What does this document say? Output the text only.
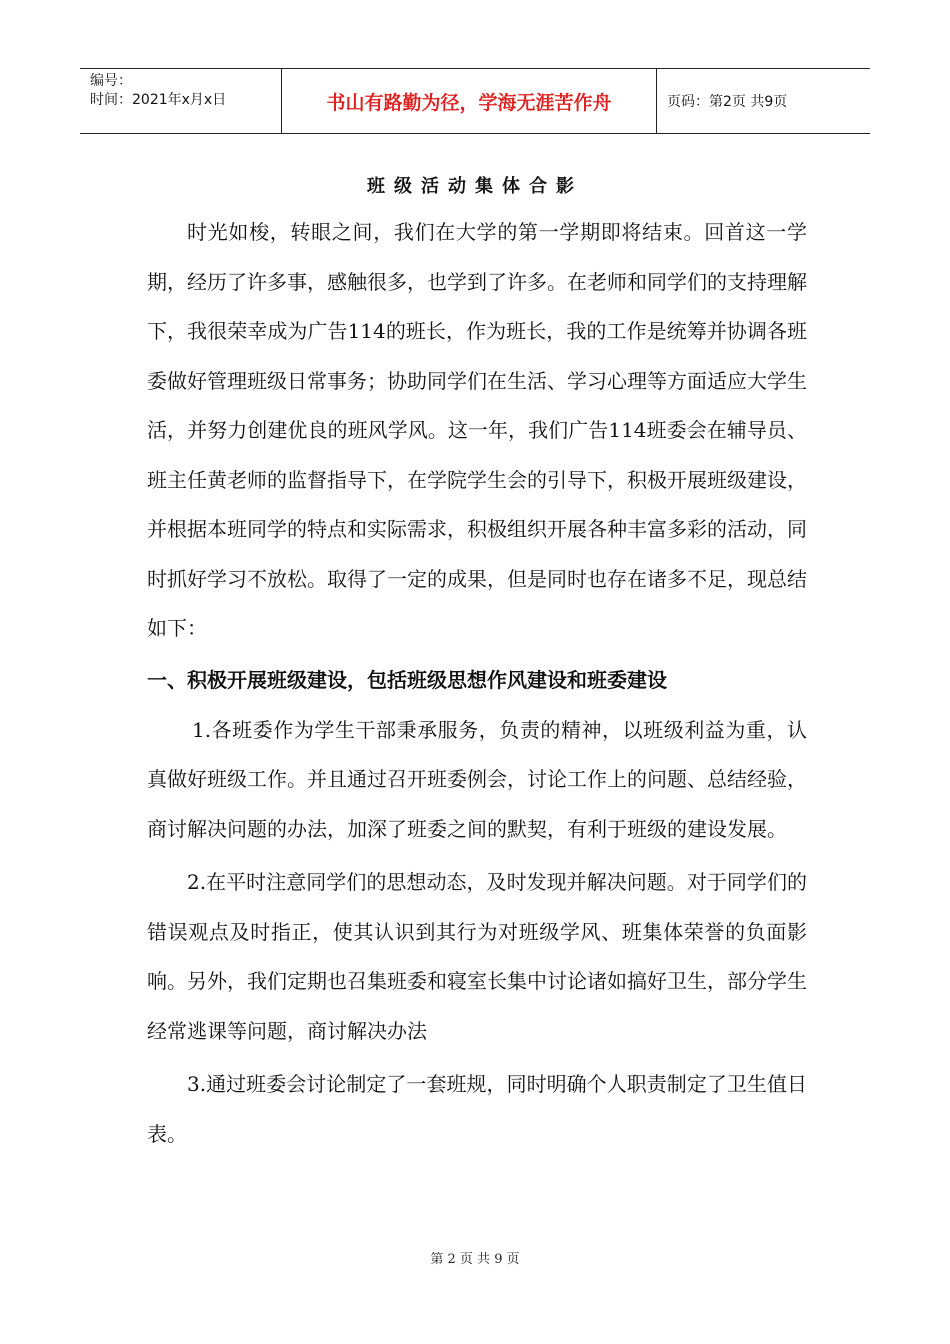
编号：
时间：2021年x月x日	书山有路勤为径，学海无涯苦作舟	页码：第2页 共9页
班级活动集体合影

时光如梭，转眼之间，我们在大学的第一学期即将结束。回首这一学期，经历了许多事，感触很多，也学到了许多。在老师和同学们的支持理解下，我很荣幸成为广告114的班长，作为班长，我的工作是统筹并协调各班委做好管理班级日常事务；协助同学们在生活、学习心理等方面适应大学生活，并努力创建优良的班风学风。这一年，我们广告114班委会在辅导员、班主任黄老师的监督指导下，在学院学生会的引导下，积极开展班级建设，并根据本班同学的特点和实际需求，积极组织开展各种丰富多彩的活动，同时抓好学习不放松。取得了一定的成果，但是同时也存在诸多不足，现总结如下：

一、积极开展班级建设，包括班级思想作风建设和班委建设

1.各班委作为学生干部秉承服务，负责的精神，以班级利益为重，认真做好班级工作。并且通过召开班委例会，讨论工作上的问题、总结经验，商讨解决问题的办法，加深了班委之间的默契，有利于班级的建设发展。

2.在平时注意同学们的思想动态，及时发现并解决问题。对于同学们的错误观点及时指正，使其认识到其行为对班级学风、班集体荣誉的负面影响。另外，我们定期也召集班委和寝室长集中讨论诸如搞好卫生，部分学生经常逃课等问题，商讨解决办法

3.通过班委会讨论制定了一套班规，同时明确个人职责制定了卫生值日表。

第 2 页 共 9 页
